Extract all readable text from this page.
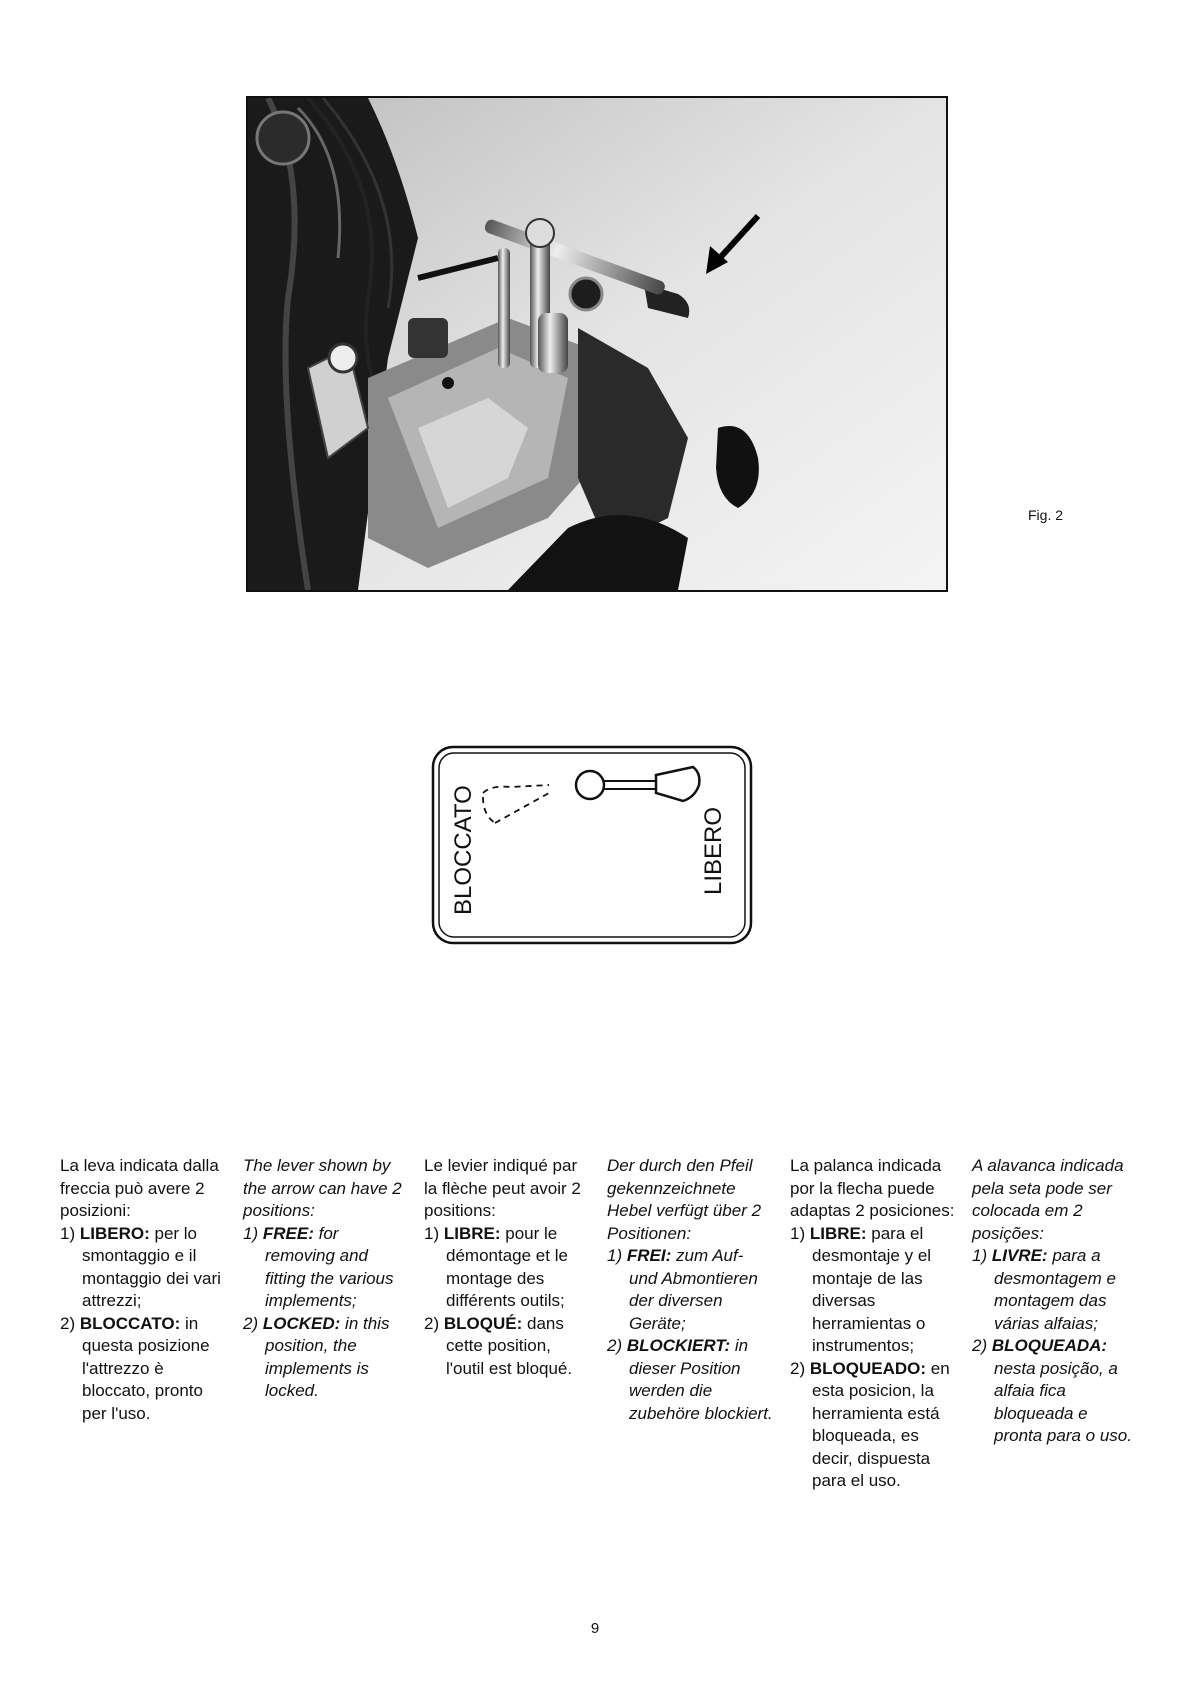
Fig. 2
BLOCCATO	LIBERO

La leva indicata dalla freccia può avere 2 posizioni:

1) LIBERO: per lo smontaggio e il montaggio dei vari attrezzi;

2) BLOCCATO: in questa posizione l'attrezzo è bloccato, pronto per l'uso.

The lever shown by the arrow can have 2 positions:

1) FREE: for removing and fitting the various implements;

2) LOCKED: in this position, the implements is locked.

Le levier indiqué par la flèche peut avoir 2 positions:

1) LIBRE: pour le démontage et le montage des différents outils;

2) BLOQUÉ: dans cette position, l'outil est bloqué.

Der durch den Pfeil gekennzeichnete Hebel verfügt über 2 Positionen:

1) FREI: zum Auf- und Abmontieren der diversen Geräte;

2) BLOCKIERT: in dieser Position werden die zubehöre blockiert.

La palanca indicada por la flecha puede adaptas 2 posiciones:

1) LIBRE: para el desmontaje y el montaje de las diversas herramientas o instrumentos;

2) BLOQUEADO: en esta posicion, la herramienta está bloqueada, es decir, dispuesta para el uso.

A alavanca indicada pela seta pode ser colocada em 2 posições:

1) LIVRE: para a desmontagem e montagem das várias alfaias;

2) BLOQUEADA: nesta posição, a alfaia fica bloqueada e pronta para o uso.

9
